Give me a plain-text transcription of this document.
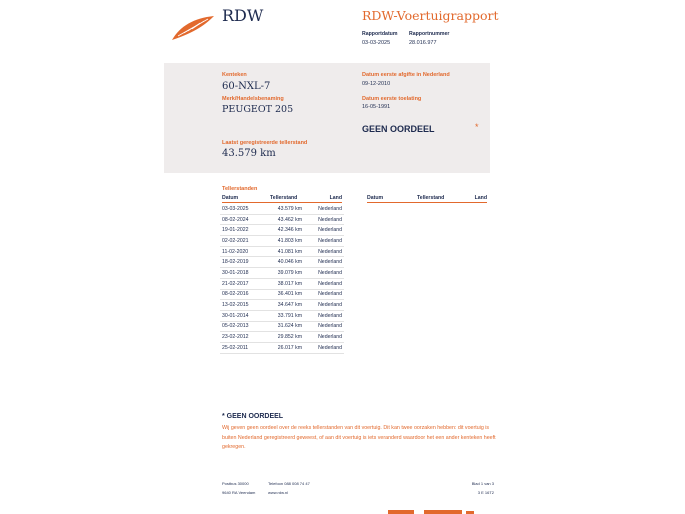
RDW	RDW-Voertuigrapport
Rapportdatum
03-03-2025
Rapportnummer
28.016.977
Kenteken
60-NXL-7
Merk/Handelsbenaming
PEUGEOT 205
Datum eerste afgifte in Nederland
09-12-2010
Datum eerste toelating
16-05-1991
GEEN OORDEEL	*
Laatst geregistreerde tellerstand
43.579 km
Tellerstanden
Datum	Tellerstand	Land	Datum	Tellerstand	Land
03-03-2025	43.579 km	Nederland
08-02-2024	43.462 km	Nederland
19-01-2022	42.346 km	Nederland
02-02-2021	41.803 km	Nederland
11-02-2020	41.081 km	Nederland
18-02-2019	40.046 km	Nederland
30-01-2018	39.079 km	Nederland
21-02-2017	38.017 km	Nederland
08-02-2016	36.401 km	Nederland
13-02-2015	34.647 km	Nederland
30-01-2014	33.791 km	Nederland
05-02-2013	31.624 km	Nederland
23-02-2012	29.852 km	Nederland
25-02-2011	26.017 km	Nederland
* GEEN OORDEEL
Wij geven geen oordeel over de reeks tellerstanden van dit voertuig. Dit kan twee oorzaken hebben: dit voertuig is buiten Nederland geregistreerd geweest, of aan dit voertuig is iets veranderd waardoor het een ander kenteken heeft gekregen.
Postbus 30000
9640 RA Veendam
Telefoon 088 008 74 47
www.rdw.nl
Blad 1 van 3
3 E 16T2
